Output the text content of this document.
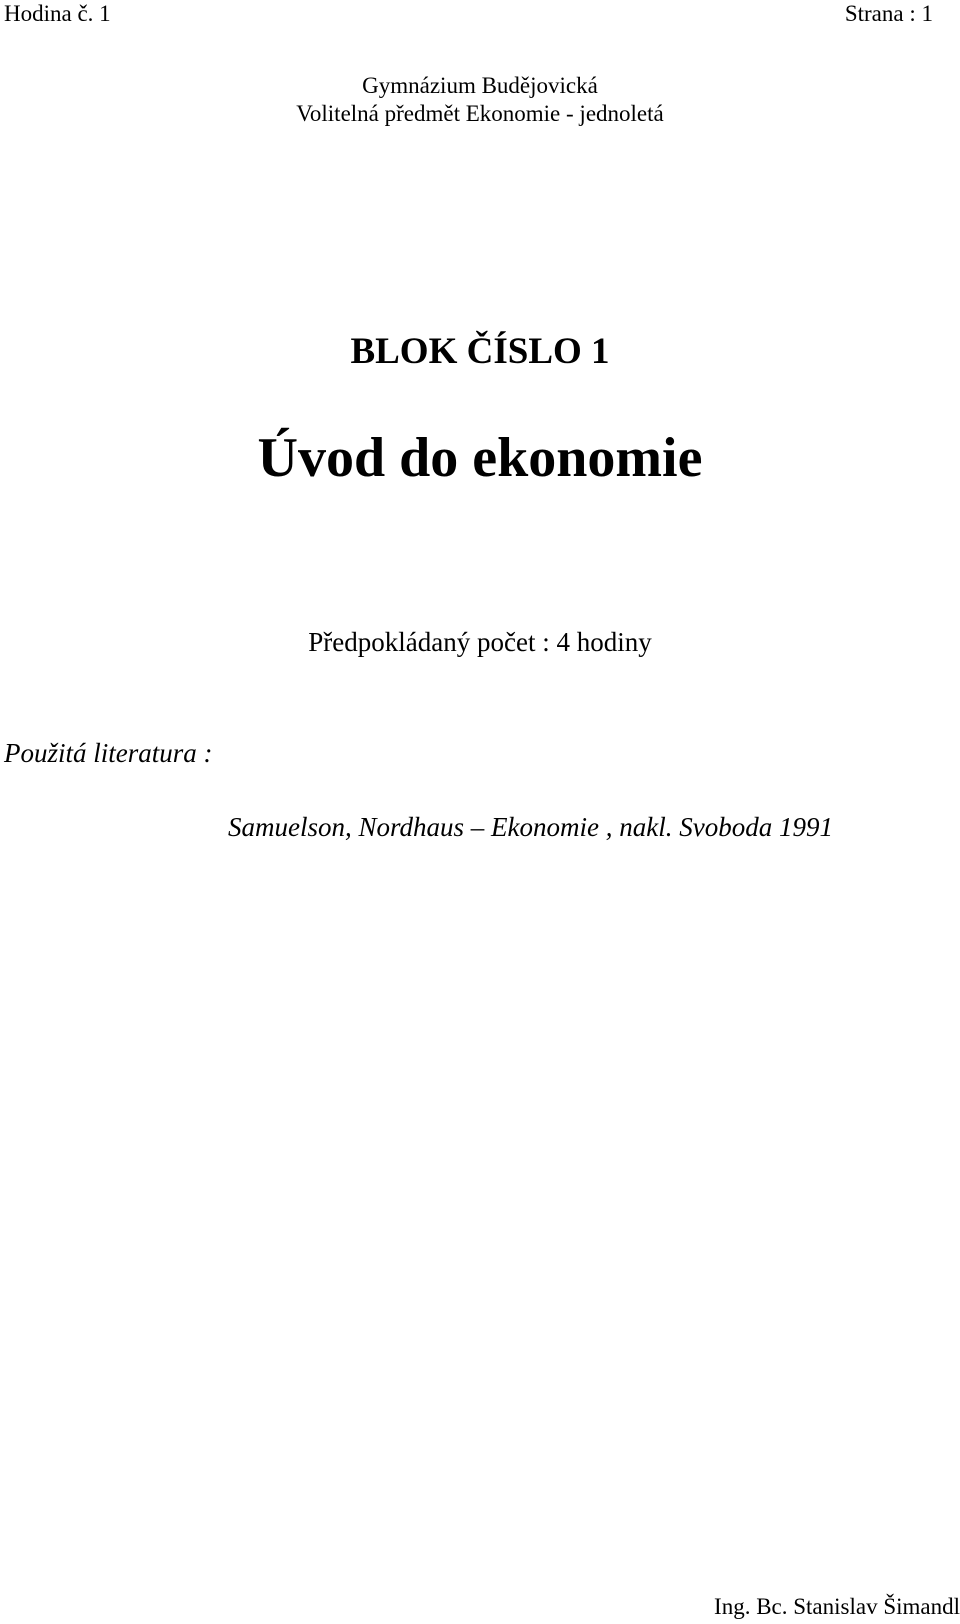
Hodina č. 1	Strana : 1
Gymnázium Budějovická
Volitelná předmět Ekonomie - jednoletá
BLOK ČÍSLO 1
Úvod do ekonomie
Předpokládaný počet : 4 hodiny
Použitá literatura :
Samuelson, Nordhaus – Ekonomie , nakl. Svoboda 1991
Ing. Bc. Stanislav Šimandl
